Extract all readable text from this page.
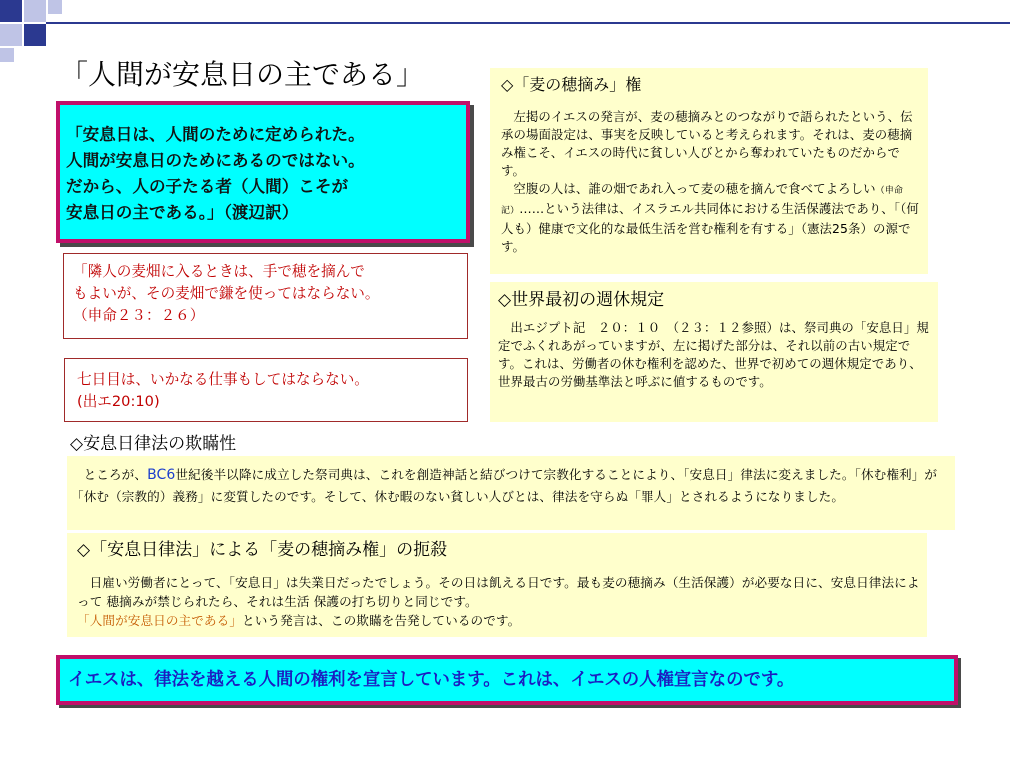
「人間が安息日の主である」
「安息日は、人間のために定められた。
人間が安息日のためにあるのではない。
だから、人の子たる者（人間）こそが
安息日の主である。」（渡辺訳）
「隣人の麦畑に入るときは、手で穂を摘んで
もよいが、その麦畑で鎌を使ってはならない。
（申命２３：２６）
七日目は、いかなる仕事もしてはならない。
(出エ20:10)
◇「麦の穂摘み」権
左掲のイエスの発言が、麦の穂摘みとのつながりで語られたという、伝承の場面設定は、事実を反映していると考えられます。それは、麦の穂摘み権こそ、イエスの時代に貧しい人びとから奪われていたものだからです。
空腹の人は、誰の畑であれ入って麦の穂を摘んで食べてよろしい（申命記）……という法律は、イスラエル共同体における生活保護法であり、「（何人も）健康で文化的な最低生活を営む権利を有する」（憲法25条）の源です。
◇世界最初の週休規定
出エジプト記　２０：１０　（２３：１２参照）は、祭司典の「安息日」規定でふくれあがっていますが、左に掲げた部分は、それ以前の古い規定です。これは、労働者の休む権利を認めた、世界で初めての週休規定であり、世界最古の労働基準法と呼ぶに値するものです。
◇安息日律法の欺瞞性
ところが、BC6世紀後半以降に成立した祭司典は、これを創造神話と結びつけて宗教化することにより、「安息日」律法に変えました。「休む権利」が「休む（宗教的）義務」に変質したのです。そして、休む暇のない貧しい人びとは、律法を守らぬ「罪人」とされるようになりました。
◇「安息日律法」による「麦の穂摘み権」の扼殺
日雇い労働者にとって、「安息日」は失業日だったでしょう。その日は飢える日です。最も麦の穂摘み（生活保護）が必要な日に、安息日律法によって 穂摘みが禁じられたら、それは生活 保護の打ち切りと同じです。
「人間が安息日の主である」という発言は、この欺瞞を告発しているのです。
イエスは、律法を越える人間の権利を宣言しています。これは、イエスの人権宣言なのです。
